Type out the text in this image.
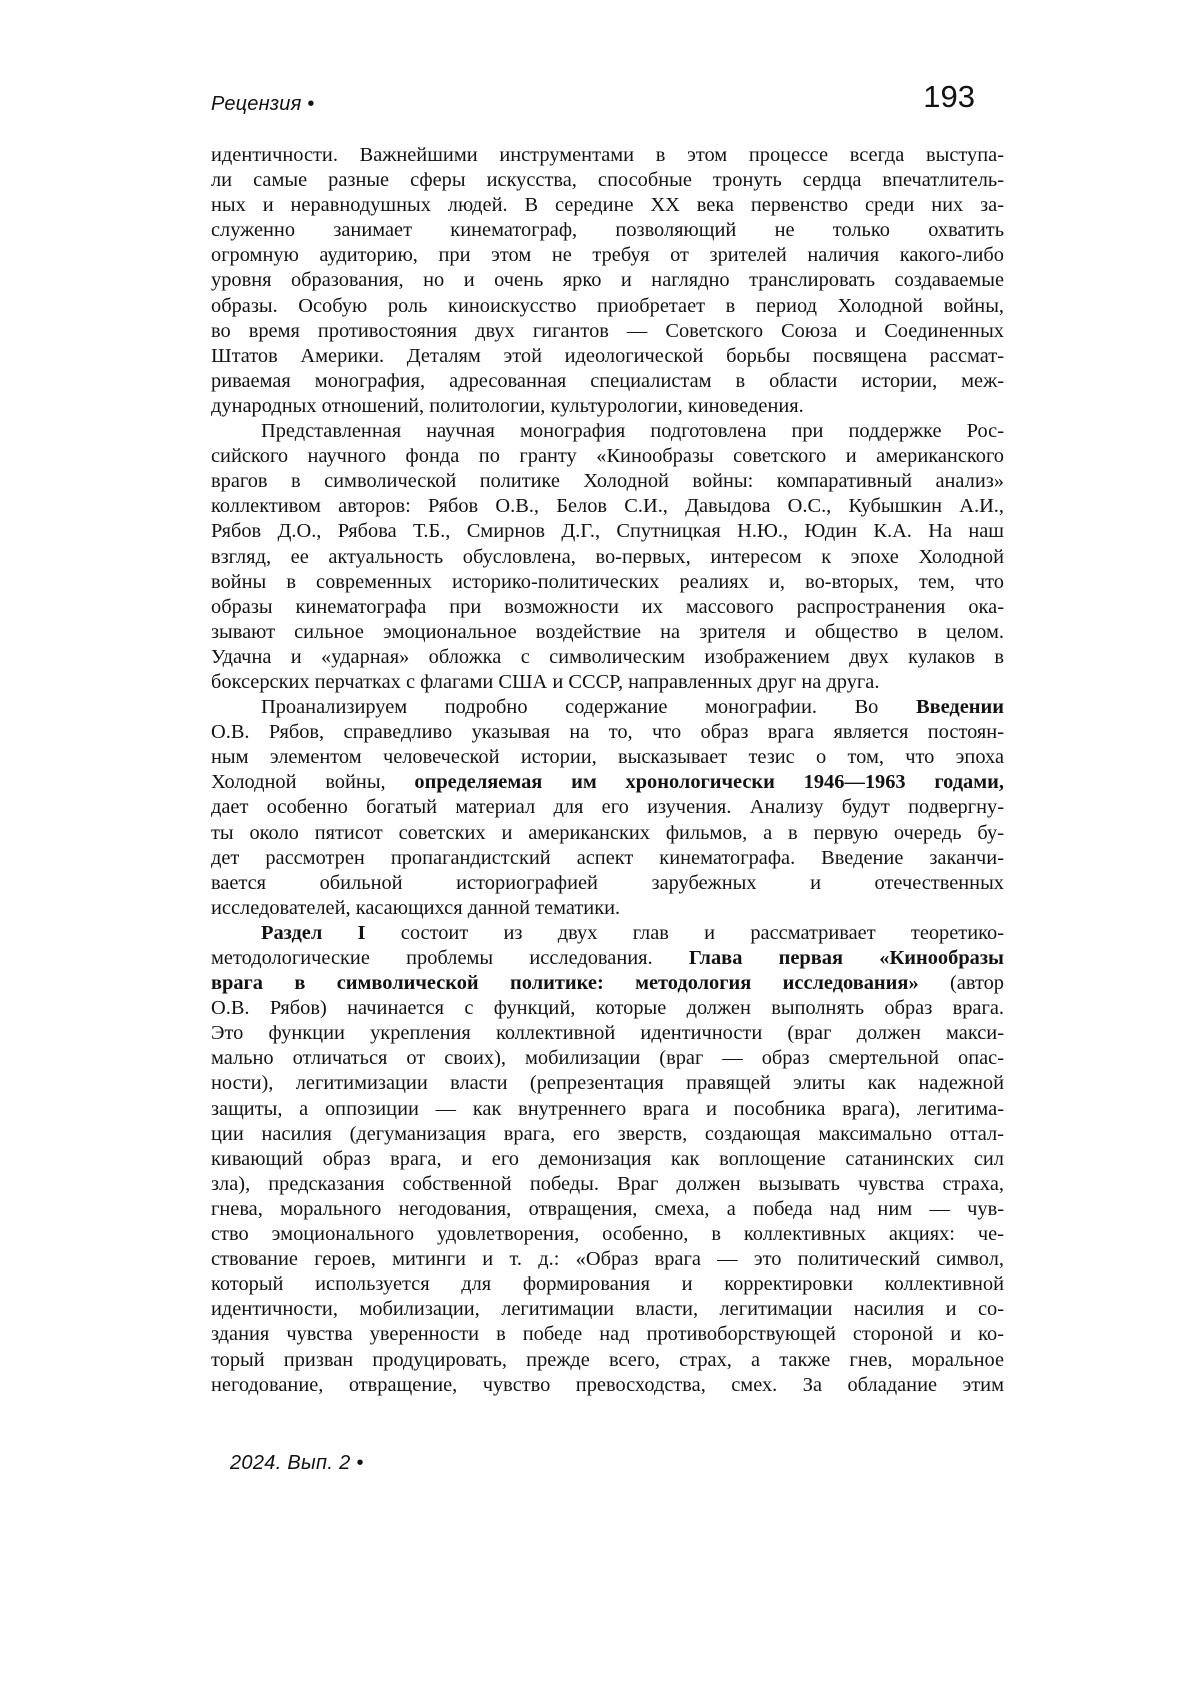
Рецензия •	193
идентичности. Важнейшими инструментами в этом процессе всегда выступа-
ли самые разные сферы искусства, способные тронуть сердца впечатлитель-
ных и неравнодушных людей. В середине XX века первенство среди них за-
служенно занимает кинематограф, позволяющий не только охватить
огромную аудиторию, при этом не требуя от зрителей наличия какого-либо
уровня образования, но и очень ярко и наглядно транслировать создаваемые
образы. Особую роль киноискусство приобретает в период Холодной войны,
во время противостояния двух гигантов — Советского Союза и Соединенных
Штатов Америки. Деталям этой идеологической борьбы посвящена рассмат-
риваемая монография, адресованная специалистам в области истории, меж-
дународных отношений, политологии, культурологии, киноведения.
Представленная научная монография подготовлена при поддержке Рос-
сийского научного фонда по гранту «Кинообразы советского и американского
врагов в символической политике Холодной войны: компаративный анализ»
коллективом авторов: Рябов О.В., Белов С.И., Давыдова О.С., Кубышкин А.И.,
Рябов Д.О., Рябова Т.Б., Смирнов Д.Г., Спутницкая Н.Ю., Юдин К.А. На наш
взгляд, ее актуальность обусловлена, во-первых, интересом к эпохе Холодной
войны в современных историко-политических реалиях и, во-вторых, тем, что
образы кинематографа при возможности их массового распространения ока-
зывают сильное эмоциональное воздействие на зрителя и общество в целом.
Удачна и «ударная» обложка с символическим изображением двух кулаков в
боксерских перчатках с флагами США и СССР, направленных друг на друга.
Проанализируем подробно содержание монографии. Во Введении
О.В. Рябов, справедливо указывая на то, что образ врага является постоян-
ным элементом человеческой истории, высказывает тезис о том, что эпоха
Холодной войны, определяемая им хронологически 1946—1963 годами,
дает особенно богатый материал для его изучения. Анализу будут подвергну-
ты около пятисот советских и американских фильмов, а в первую очередь бу-
дет рассмотрен пропагандистский аспект кинематографа. Введение заканчи-
вается обильной историографией зарубежных и отечественных
исследователей, касающихся данной тематики.
Раздел I состоит из двух глав и рассматривает теоретико-
методологические проблемы исследования. Глава первая «Кинообразы
врага в символической политике: методология исследования» (автор
О.В. Рябов) начинается с функций, которые должен выполнять образ врага.
Это функции укрепления коллективной идентичности (враг должен макси-
мально отличаться от своих), мобилизации (враг — образ смертельной опас-
ности), легитимизации власти (репрезентация правящей элиты как надежной
защиты, а оппозиции — как внутреннего врага и пособника врага), легитима-
ции насилия (дегуманизация врага, его зверств, создающая максимально оттал-
кивающий образ врага, и его демонизация как воплощение сатанинских сил
зла), предсказания собственной победы. Враг должен вызывать чувства страха,
гнева, морального негодования, отвращения, смеха, а победа над ним — чув-
ство эмоционального удовлетворения, особенно, в коллективных акциях: че-
ствование героев, митинги и т. д.: «Образ врага — это политический символ,
который используется для формирования и корректировки коллективной
идентичности, мобилизации, легитимации власти, легитимации насилия и со-
здания чувства уверенности в победе над противоборствующей стороной и ко-
торый призван продуцировать, прежде всего, страх, а также гнев, моральное
негодование, отвращение, чувство превосходства, смех. За обладание этим
2024. Вып. 2 •
